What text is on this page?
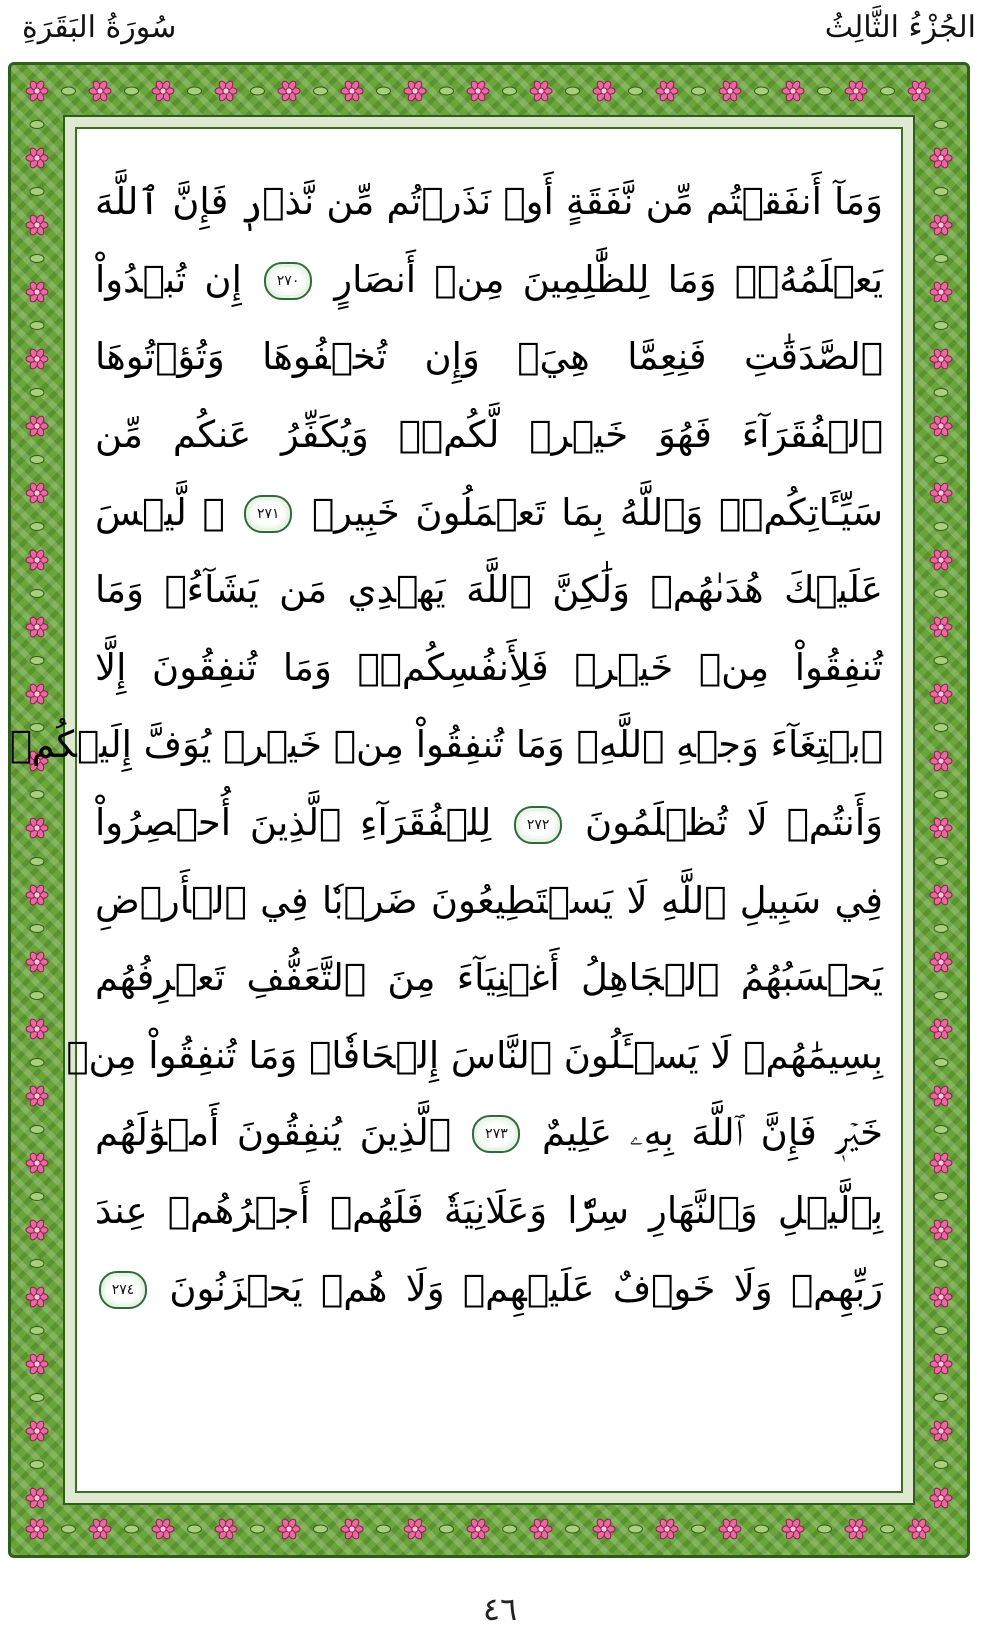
الجُزْءُ الثَّالِثُ
سُورَةُ البَقَرَةِ
وَمَآ أَنفَقۡتُم مِّن نَّفَقَةٍ أَوۡ نَذَرۡتُم مِّن نَّذۡرٖ فَإِنَّ ٱللَّهَ
يَعۡلَمُهُۥۗ وَمَا لِلظَّٰلِمِينَ مِنۡ أَنصَارٍ ٢٧٠ إِن تُبۡدُواْ
ٱلصَّدَقَٰتِ فَنِعِمَّا هِيَۖ وَإِن تُخۡفُوهَا وَتُؤۡتُوهَا
ٱلۡفُقَرَآءَ فَهُوَ خَيۡرٞ لَّكُمۡۚ وَيُكَفِّرُ عَنكُم مِّن
سَيِّـَٔاتِكُمۡۗ وَٱللَّهُ بِمَا تَعۡمَلُونَ خَبِيرٞ ٢٧١ ۞ لَّيۡسَ
عَلَيۡكَ هُدَىٰهُمۡ وَلَٰكِنَّ ٱللَّهَ يَهۡدِي مَن يَشَآءُۗ وَمَا
تُنفِقُواْ مِنۡ خَيۡرٖ فَلِأَنفُسِكُمۡۚ وَمَا تُنفِقُونَ إِلَّا
ٱبۡتِغَآءَ وَجۡهِ ٱللَّهِۚ وَمَا تُنفِقُواْ مِنۡ خَيۡرٖ يُوَفَّ إِلَيۡكُمۡ
وَأَنتُمۡ لَا تُظۡلَمُونَ ٢٧٢ لِلۡفُقَرَآءِ ٱلَّذِينَ أُحۡصِرُواْ
فِي سَبِيلِ ٱللَّهِ لَا يَسۡتَطِيعُونَ ضَرۡبٗا فِي ٱلۡأَرۡضِ
يَحۡسَبُهُمُ ٱلۡجَاهِلُ أَغۡنِيَآءَ مِنَ ٱلتَّعَفُّفِ تَعۡرِفُهُم
بِسِيمَٰهُمۡ لَا يَسۡـَٔلُونَ ٱلنَّاسَ إِلۡحَافٗاۗ وَمَا تُنفِقُواْ مِنۡ
خَيۡرٖ فَإِنَّ ٱللَّهَ بِهِۦ عَلِيمٌ ٢٧٣ ٱلَّذِينَ يُنفِقُونَ أَمۡوَٰلَهُم
بِٱلَّيۡلِ وَٱلنَّهَارِ سِرّٗا وَعَلَانِيَةٗ فَلَهُمۡ أَجۡرُهُمۡ عِندَ
رَبِّهِمۡ وَلَا خَوۡفٌ عَلَيۡهِمۡ وَلَا هُمۡ يَحۡزَنُونَ ٢٧٤
٤٦
